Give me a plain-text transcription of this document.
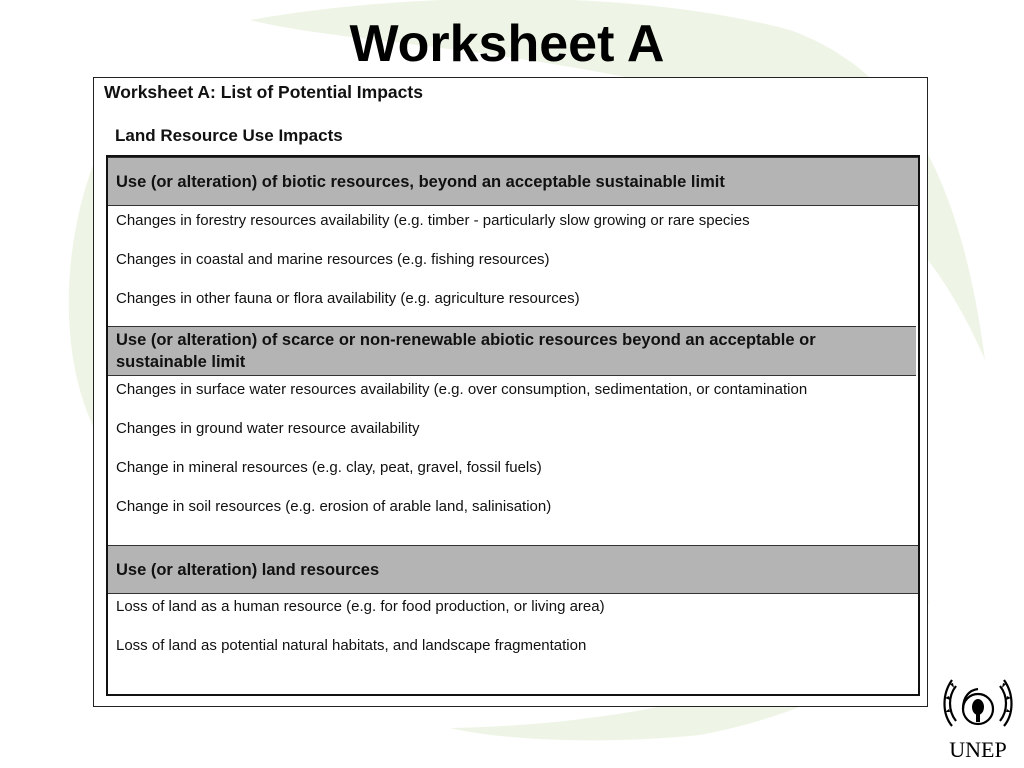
Worksheet A
Worksheet A: List of Potential Impacts
Land Resource Use Impacts
Use (or alteration) of biotic resources, beyond an acceptable sustainable limit
Changes in forestry resources availability (e.g. timber - particularly slow growing or rare species
Changes in coastal and marine resources (e.g. fishing resources)
Changes in other fauna or flora availability (e.g. agriculture resources)
Use (or alteration) of scarce or non-renewable abiotic resources beyond an acceptable or sustainable limit
Changes in surface water resources availability (e.g. over consumption, sedimentation, or contamination
Changes in ground water resource availability
Change in mineral resources (e.g. clay, peat, gravel, fossil fuels)
Change in soil resources (e.g. erosion of arable land, salinisation)
Use (or alteration) land resources
Loss of land as a human resource (e.g. for food production, or living area)
Loss of land as potential natural habitats, and landscape fragmentation
UNEP
